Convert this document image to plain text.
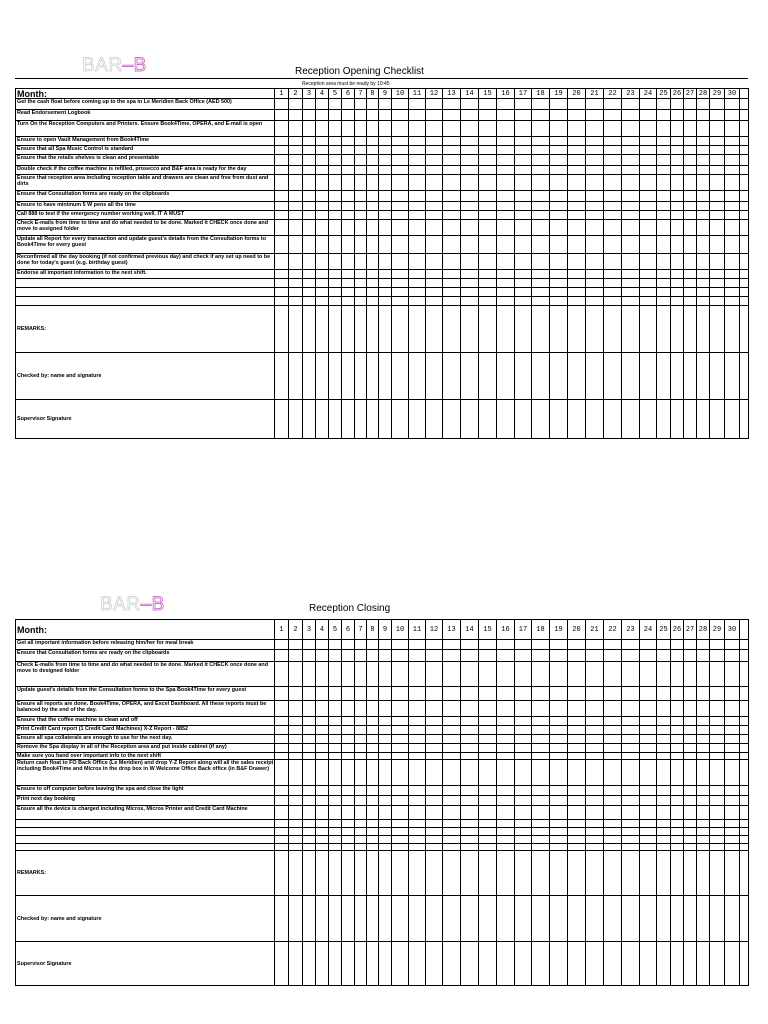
BAR–B	Reception Opening Checklist
Reception area must be ready by 10:45
Month:	1	2	3	4	5	6	7	8	9	10	11	12	13	14	15	16	17	18	19	20	21	22	23	24	25	26	27	28	29	30	
Get the cash float before coming up to the spa in Le Meridien Back Office (AED 500)																															
Read Endorsement Logbook																															
Turn On the Reception Computers and Printers. Ensure Book4Time, OPERA, and E-mail is open																															
Ensure to open Vault Management from Book4Time																															
Ensure that all Spa Music Control is standard																															
Ensure that the retails shelves is clean and presentable																															
Double check if the coffee machine is refilled, prosecco and B&F area is ready for the day																															
Ensure that reception area including reception table and drawers are clean and free from dust and dirts																															
Ensure that Consultation forms are ready on the clipboards																															
Ensure to have minimum 5 W pens all the time																															
Call 888 to test if the emergency number working well. IT A MUST																															
Check E-mails from time to time and do what needed to be done. Marked it CHECK once done and move to assigned folder																															
Update all Report for every transaction and update guest's details from the Consultation forms to Book4Time for every guest																															
Reconfirmed all the day booking (if not confirmed previous day) and check if any set up need to be done for today's guest (e.g. birthday guest)																															
Endorse all important information to the next shift.																															

REMARKS:																															
Checked by: name and signature																															
Supervisor Signature																															
BAR–B	Reception Closing
Month:	1	2	3	4	5	6	7	8	9	10	11	12	13	14	15	16	17	18	19	20	21	22	23	24	25	26	27	28	29	30	
Get all important information before releasing him/her for meal break																															
Ensure that Consultation forms are ready on the clipboards																															
Check E-mails from time to time and do what needed to be done. Marked it CHECK once done and move to designed folder																															
Update guest's details from the Consultation forms to the Spa Book4Time for every guest																															
Ensure all reports are done. Book4Time, OPERA, and Excel Dashboard. All these reports must be balanced by the end of the day.																															
Ensure that the coffee machine is clean and off																															
Print Credit Card report (1 Credit Card Machines) X-Z Report - 8852																															
Ensure all spa collaterals are enough to use for the next day.																															
Remove the Spa display in all of the Reception area and put inside cabinet (if any)																															
Make sure you hand over important info to the next shift																															
Return cash float to FO Back Office (Le Meridien) and drop Y-Z Report along will all the sales receipt including Book4Time and Micros in the drop box in W Welcome Office Back office (in B&F Drawer)																															
Ensure to off computer before leaving the spa and close the light																															
Print next day booking																															
Ensure all the device is charged including Micros, Micros Printer and Credit Card Machine																															

REMARKS:																															
Checked by: name and signature																															
Supervisor Signature																															
